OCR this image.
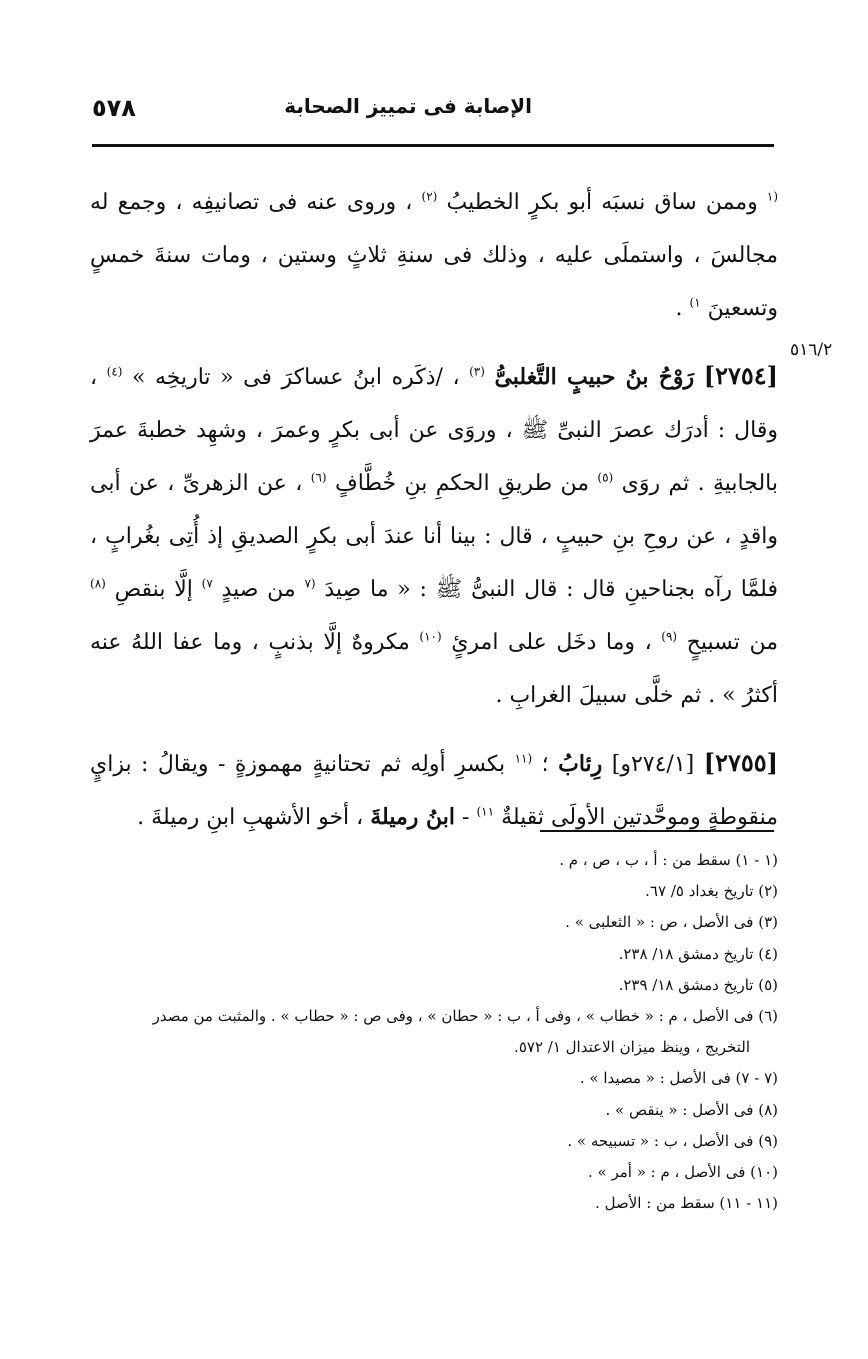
٥٧٨	الإصابة فى تمييز الصحابة
٥١٦/٢

$^{(١}$ وممن ساق نسبَه أبو بكرٍ الخطيبُ $^{(٢)}$ ، وروى عنه فى تصانيفِه ، وجمع له مجالسَ ، واستملَى عليه ، وذلك فى سنةِ ثلاثٍ وستين ، ومات سنةَ خمسٍ وتسعينَ $^{١)}$ .

[٢٧٥٤] رَوْحُ بنُ حبيبٍ التَّغلبىُّ $^{(٣)}$ ، /ذكَره ابنُ عساكرَ فى « تاريخِه » $^{(٤)}$ ، وقال : أدرَك عصرَ النبىِّ ﷺ ، وروَى عن أبى بكرٍ وعمرَ ، وشهِد خطبةَ عمرَ بالجابيةِ . ثم روَى $^{(٥)}$ من طريقِ الحكمِ بنِ خُطَّافٍ $^{(٦)}$ ، عن الزهرىِّ ، عن أبى واقدٍ ، عن روحِ بنِ حبيبٍ ، قال : بينا أنا عندَ أبى بكرٍ الصديقِ إذ أُتِى بغُرابٍ ، فلمَّا رآه بجناحينِ قال : قال النبىُّ ﷺ : « ما صِيدَ $^{(٧}$ من صيدٍ $^{٧)}$ إلَّا بنقصِ $^{(٨)}$ من تسبيحٍ $^{(٩)}$ ، وما دخَل على امرئٍ $^{(١٠)}$ مكروهٌ إلَّا بذنبٍ ، وما عفا اللهُ عنه أكثرُ » . ثم خلَّى سبيلَ الغرابِ .

[٢٧٥٥] [٢٧٤/١و] رِئابُ ؛ $^{(١١}$ بكسرِ أولِه ثم تحتانيةٍ مهموزةٍ - ويقالُ : بزايٍ منقوطةٍ وموحَّدتين الأولَى ثقيلةٌ $^{١١)}$ - ابنُ رميلةَ ، أخو الأشهبِ ابنِ رميلةَ .

(١ - ١) سقط من : أ ، ب ، ص ، م .
(٢) تاريخ بغداد ٥/ ٦٧.
(٣) فى الأصل ، ص : « الثعلبى » .
(٤) تاريخ دمشق ١٨/ ٢٣٨.
(٥) تاريخ دمشق ١٨/ ٢٣٩.
(٦) فى الأصل ، م : « خطاب » ، وفى أ ، ب : « حطان » ، وفى ص : « حطاب » . والمثبت من مصدر
التخريج ، وينظ ميزان الاعتدال ١/ ٥٧٢.
(٧ - ٧) فى الأصل : « مصيدا » .
(٨) فى الأصل : « ينقص » .
(٩) فى الأصل ، ب : « تسبيحه » .
(١٠) فى الأصل ، م : « أمر » .
(١١ - ١١) سقط من : الأصل .
